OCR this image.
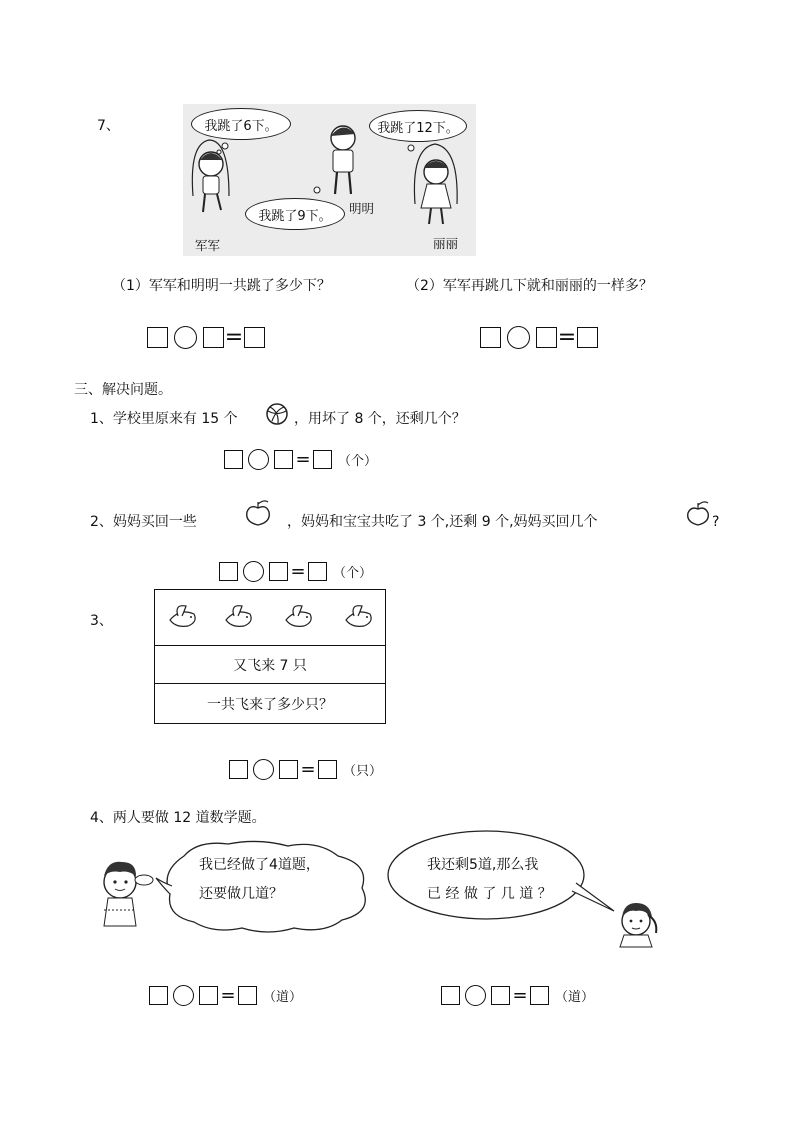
7、	我跳了6下。	我跳了12下。
我跳了9下。	明明
军军	丽丽
（1）军军和明明一共跳了多少下？	（2）军军再跳几下就和丽丽的一样多？
=	=
三、解决问题。
1、学校里原来有 15 个	，用坏了 8 个，还剩几个？
= （个）
2、妈妈买回一些	，妈妈和宝宝共吃了 3 个,还剩 9 个,妈妈买回几个	?
= （个）
3、

又飞来 7 只
一共飞来了多少只？
= （只）
4、两人要做 12 道数学题。
我已经做了4道题，
还要做几道？
我还剩5道,那么我
已 经 做 了 几 道 ？
= （道）	= （道）
